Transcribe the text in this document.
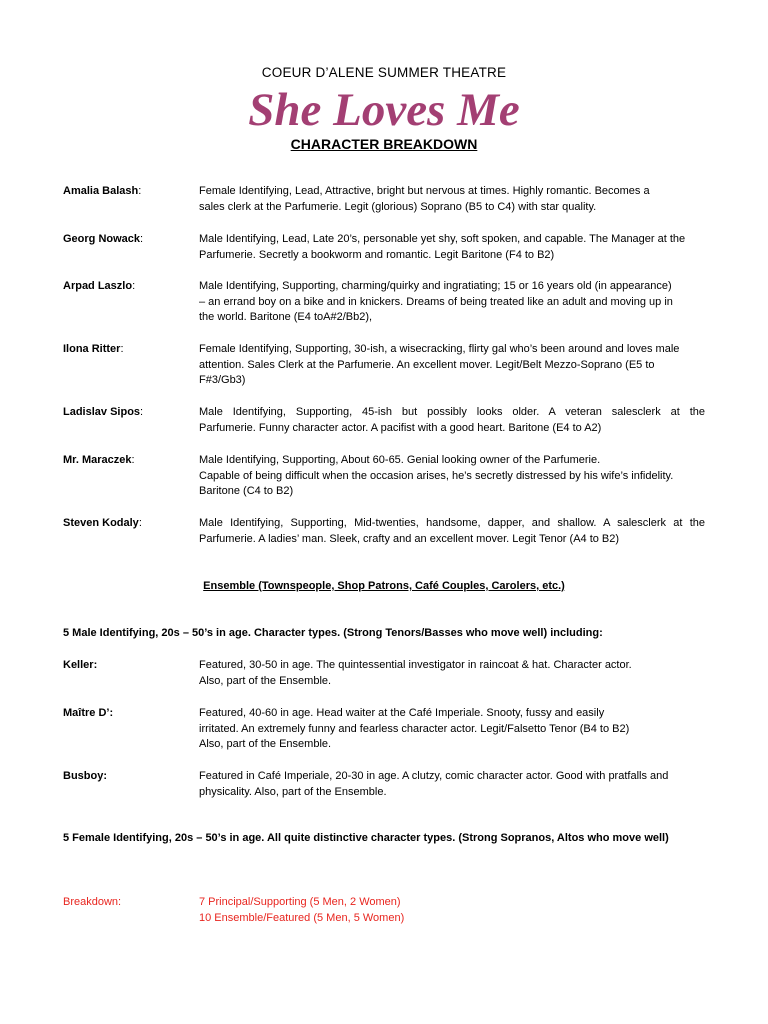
COEUR D’ALENE SUMMER THEATRE
She Loves Me
CHARACTER BREAKDOWN
Amalia Balash:	Female Identifying, Lead, Attractive, bright but nervous at times. Highly romantic. Becomes a
sales clerk at the Parfumerie. Legit (glorious) Soprano (B5 to C4) with star quality.
Georg Nowack:	Male Identifying, Lead, Late 20’s, personable yet shy, soft spoken, and capable. The Manager at the
Parfumerie. Secretly a bookworm and romantic. Legit Baritone (F4 to B2)
Arpad Laszlo:	Male Identifying, Supporting, charming/quirky and ingratiating; 15 or 16 years old (in appearance)
– an errand boy on a bike and in knickers. Dreams of being treated like an adult and moving up in
the world. Baritone (E4 toA#2/Bb2),
Ilona Ritter:	Female Identifying, Supporting, 30-ish, a wisecracking, flirty gal who’s been around and loves male
attention. Sales Clerk at the Parfumerie. An excellent mover. Legit/Belt Mezzo-Soprano (E5 to
F#3/Gb3)
Ladislav Sipos:	Male Identifying, Supporting, 45-ish but possibly looks older. A veteran salesclerk at the
Parfumerie. Funny character actor. A pacifist with a good heart. Baritone (E4 to A2)
Mr. Maraczek:	Male Identifying, Supporting, About 60-65. Genial looking owner of the Parfumerie.
Capable of being difficult when the occasion arises, he’s secretly distressed by his wife’s infidelity.
Baritone (C4 to B2)
Steven Kodaly:	Male Identifying, Supporting, Mid-twenties, handsome, dapper, and shallow. A salesclerk at the
Parfumerie. A ladies’ man. Sleek, crafty and an excellent mover. Legit Tenor (A4 to B2)
Ensemble (Townspeople, Shop Patrons, Café Couples, Carolers, etc.)
5 Male Identifying, 20s – 50’s in age. Character types. (Strong Tenors/Basses who move well) including:
Keller:	Featured, 30-50 in age. The quintessential investigator in raincoat & hat. Character actor.
Also, part of the Ensemble.
Maître D’:	Featured, 40-60 in age. Head waiter at the Café Imperiale. Snooty, fussy and easily
irritated. An extremely funny and fearless character actor. Legit/Falsetto Tenor (B4 to B2)
Also, part of the Ensemble.
Busboy:	Featured in Café Imperiale, 20-30 in age. A clutzy, comic character actor. Good with pratfalls and
physicality. Also, part of the Ensemble.
5 Female Identifying, 20s – 50’s in age. All quite distinctive character types. (Strong Sopranos, Altos who move well)
Breakdown:	7 Principal/Supporting (5 Men, 2 Women)
10 Ensemble/Featured (5 Men, 5 Women)
